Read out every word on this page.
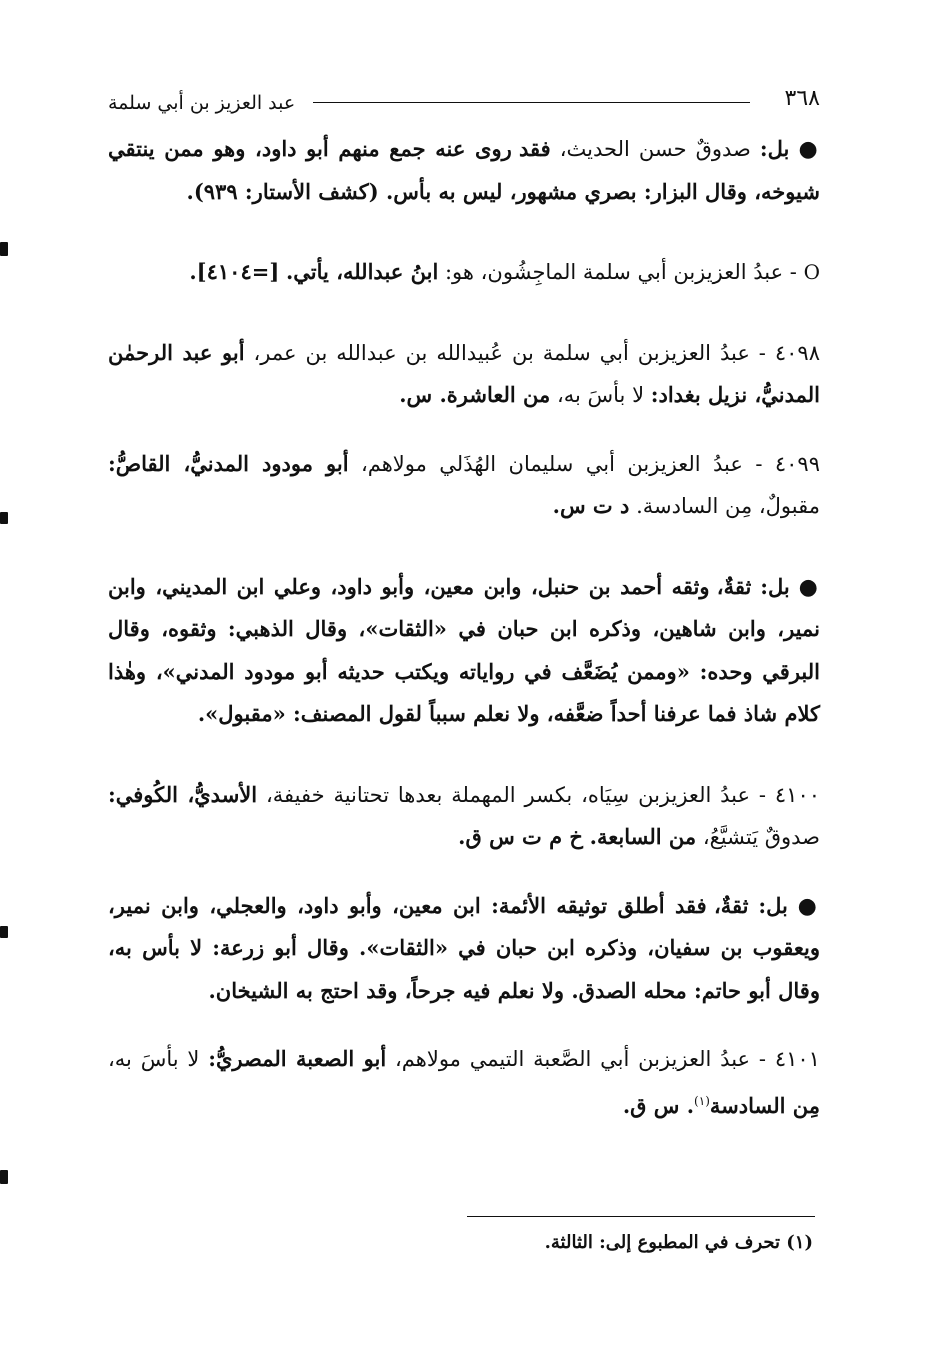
٣٦٨
عبد العزيز بن أبي سلمة

● بل: صدوقٌ حسن الحديث، فقد روى عنه جمع منهم أبو داود، وهو ممن ينتقي شيوخه، وقال البزار: بصري مشهور، ليس به بأس. (كشف الأستار: ٩٣٩).

O - عبدُ العزيزبن أبي سلمة الماجِشُون، هو: ابنُ عبدالله، يأتي. [=٤١٠٤].

٤٠٩٨ - عبدُ العزيزبن أبي سلمة بن عُبيدالله بن عبدالله بن عمر، أبو عبد الرحمٰن المدنيُّ، نزيل بغداد: لا بأسَ به، من العاشرة. س.

٤٠٩٩ - عبدُ العزيزبن أبي سليمان الهُذَلي مولاهم، أبو مودود المدنيُّ، القاصُّ: مقبولٌ، مِن السادسة. د ت س.

● بل: ثقةٌ، وثقه أحمد بن حنبل، وابن معين، وأبو داود، وعلي ابن المديني، وابن نمير، وابن شاهين، وذكره ابن حبان في «الثقات»، وقال الذهبي: وثقوه، وقال البرقي وحده: «وممن يُضَعَّف في رواياته ويكتب حديثه أبو مودود المدني»، وهٰذا كلام شاذ فما عرفنا أحداً ضعَّفه، ولا نعلم سبباً لقول المصنف: «مقبول».

٤١٠٠ - عبدُ العزيزبن سِيَاه، بكسر المهملة بعدها تحتانية خفيفة، الأسديُّ، الكُوفي: صدوقٌ يَتشيَّعُ، من السابعة. خ م ت س ق.

● بل: ثقةٌ، فقد أطلق توثيقه الأئمة: ابن معين، وأبو داود، والعجلي، وابن نمير، ويعقوب بن سفيان، وذكره ابن حبان في «الثقات». وقال أبو زرعة: لا بأس به، وقال أبو حاتم: محله الصدق. ولا نعلم فيه جرحاً، وقد احتج به الشيخان.

٤١٠١ - عبدُ العزيزبن أبي الصَّعبة التيمي مولاهم، أبو الصعبة المصريُّ: لا بأسَ به، مِن السادسة$^{(١)}$. س ق.

(١) تحرف في المطبوع إلى: الثالثة.
